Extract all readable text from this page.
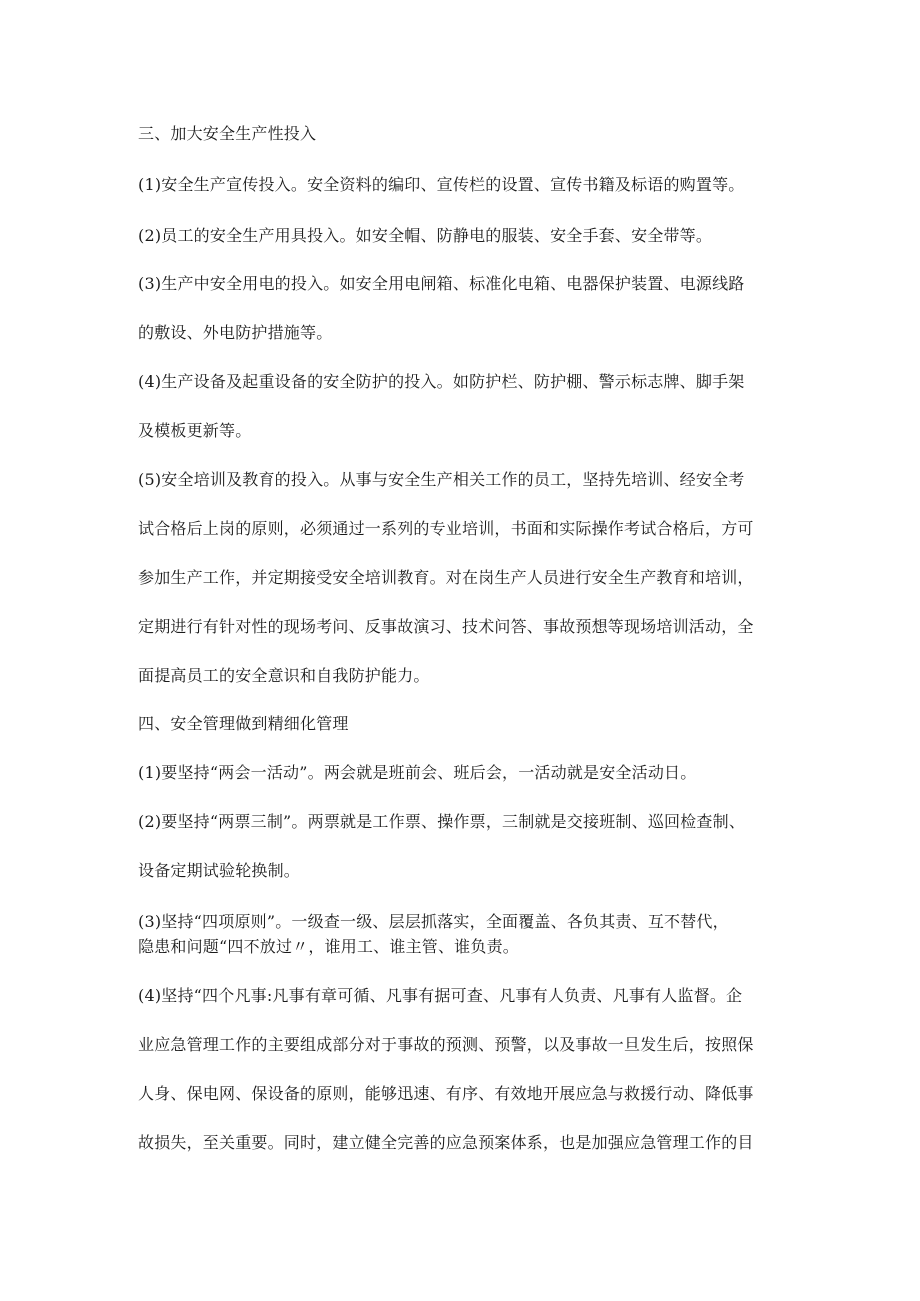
三、加大安全生产性投入
(1)安全生产宣传投入。安全资料的编印、宣传栏的设置、宣传书籍及标语的购置等。
(2)员工的安全生产用具投入。如安全帽、防静电的服装、安全手套、安全带等。
(3)生产中安全用电的投入。如安全用电闸箱、标准化电箱、电器保护装置、电源线路
的敷设、外电防护措施等。
(4)生产设备及起重设备的安全防护的投入。如防护栏、防护棚、警示标志牌、脚手架
及模板更新等。
(5)安全培训及教育的投入。从事与安全生产相关工作的员工，坚持先培训、经安全考
试合格后上岗的原则，必须通过一系列的专业培训，书面和实际操作考试合格后，方可
参加生产工作，并定期接受安全培训教育。对在岗生产人员进行安全生产教育和培训，
定期进行有针对性的现场考问、反事故演习、技术问答、事故预想等现场培训活动，全
面提高员工的安全意识和自我防护能力。
四、安全管理做到精细化管理
(1)要坚持“两会一活动”。两会就是班前会、班后会，一活动就是安全活动日。
(2)要坚持“两票三制”。两票就是工作票、操作票，三制就是交接班制、巡回检查制、
设备定期试验轮换制。
(3)坚持“四项原则”。一级查一级、层层抓落实，全面覆盖、各负其责、互不替代，
隐患和问题“四不放过〃，谁用工、谁主管、谁负责。
(4)坚持“四个凡事:凡事有章可循、凡事有据可查、凡事有人负责、凡事有人监督。企
业应急管理工作的主要组成部分对于事故的预测、预警，以及事故一旦发生后，按照保
人身、保电网、保设备的原则，能够迅速、有序、有效地开展应急与救援行动、降低事
故损失，至关重要。同时，建立健全完善的应急预案体系，也是加强应急管理工作的目
